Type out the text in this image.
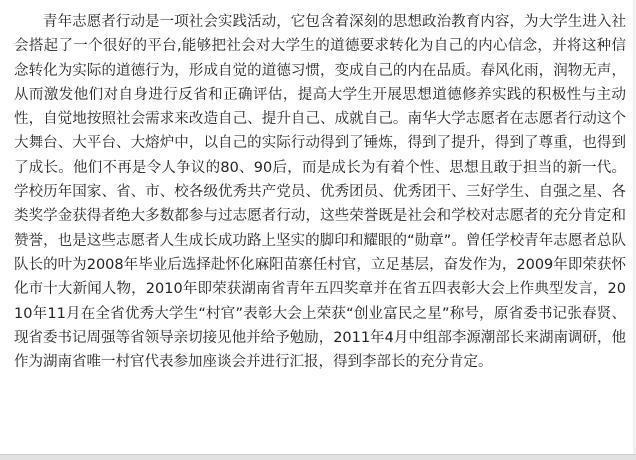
青年志愿者行动是一项社会实践活动，它包含着深刻的思想政治教育内容，为大学生进入社会搭起了一个很好的平台,能够把社会对大学生的道德要求转化为自己的内心信念，并将这种信念转化为实际的道德行为，形成自觉的道德习惯，变成自己的内在品质。春风化雨，润物无声，从而激发他们对自身进行反省和正确评估，提高大学生开展思想道德修养实践的积极性与主动性，自觉地按照社会需求来改造自己、提升自己、成就自己。南华大学志愿者在志愿者行动这个大舞台、大平台、大熔炉中，以自己的实际行动得到了锤炼，得到了提升，得到了尊重，也得到了成长。他们不再是令人争议的80、90后，而是成长为有着个性、思想且敢于担当的新一代。学校历年国家、省、市、校各级优秀共产党员、优秀团员、优秀团干、三好学生、自强之星、各类奖学金获得者绝大多数都参与过志愿者行动，这些荣誉既是社会和学校对志愿者的充分肯定和赞誉，也是这些志愿者人生成长成功路上坚实的脚印和耀眼的“勋章”。曾任学校青年志愿者总队队长的叶为2008年毕业后选择赴怀化麻阳苗寨任村官，立足基层，奋发作为，2009年即荣获怀化市十大新闻人物，2010年即荣获湖南省青年五四奖章并在省五四表彰大会上作典型发言，2010年11月在全省优秀大学生“村官”表彰大会上荣获“创业富民之星”称号，原省委书记张春贤、现省委书记周强等省领导亲切接见他并给予勉励，2011年4月中组部李源潮部长来湖南调研，他作为湖南省唯一村官代表参加座谈会并进行汇报，得到李部长的充分肯定。
